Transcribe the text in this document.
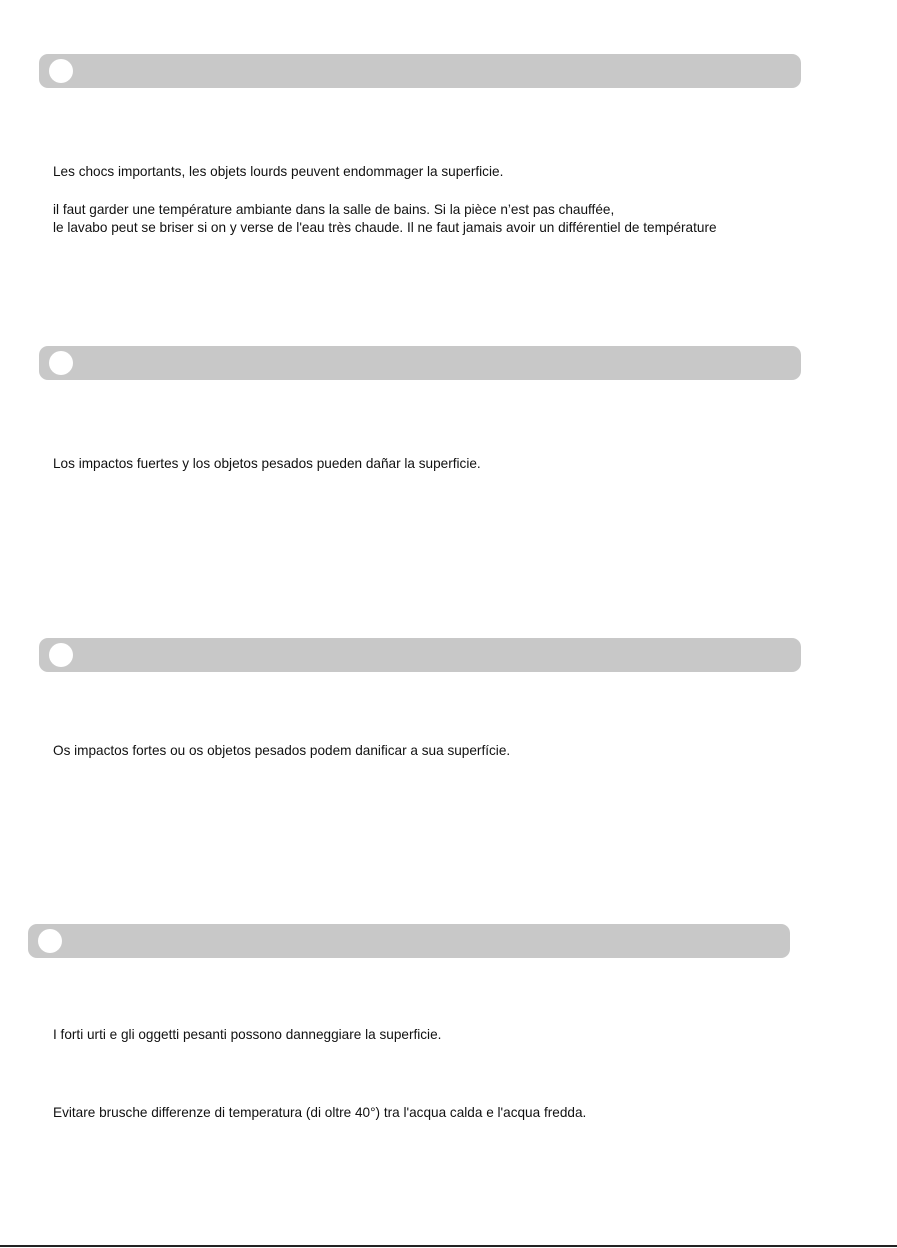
Les chocs importants, les objets lourds peuvent endommager la superficie.
il faut garder une température ambiante dans la salle de bains. Si la pièce n’est pas chauffée,
le lavabo peut se briser si on y verse de l'eau très chaude. Il ne faut jamais avoir un différentiel de température
Los impactos fuertes y los objetos pesados pueden dañar la superficie.
Os impactos fortes ou os objetos pesados podem danificar a sua superfície.
I forti urti e gli oggetti pesanti possono danneggiare la superficie.
Evitare brusche differenze di temperatura (di oltre 40°) tra l'acqua calda e l'acqua fredda.
